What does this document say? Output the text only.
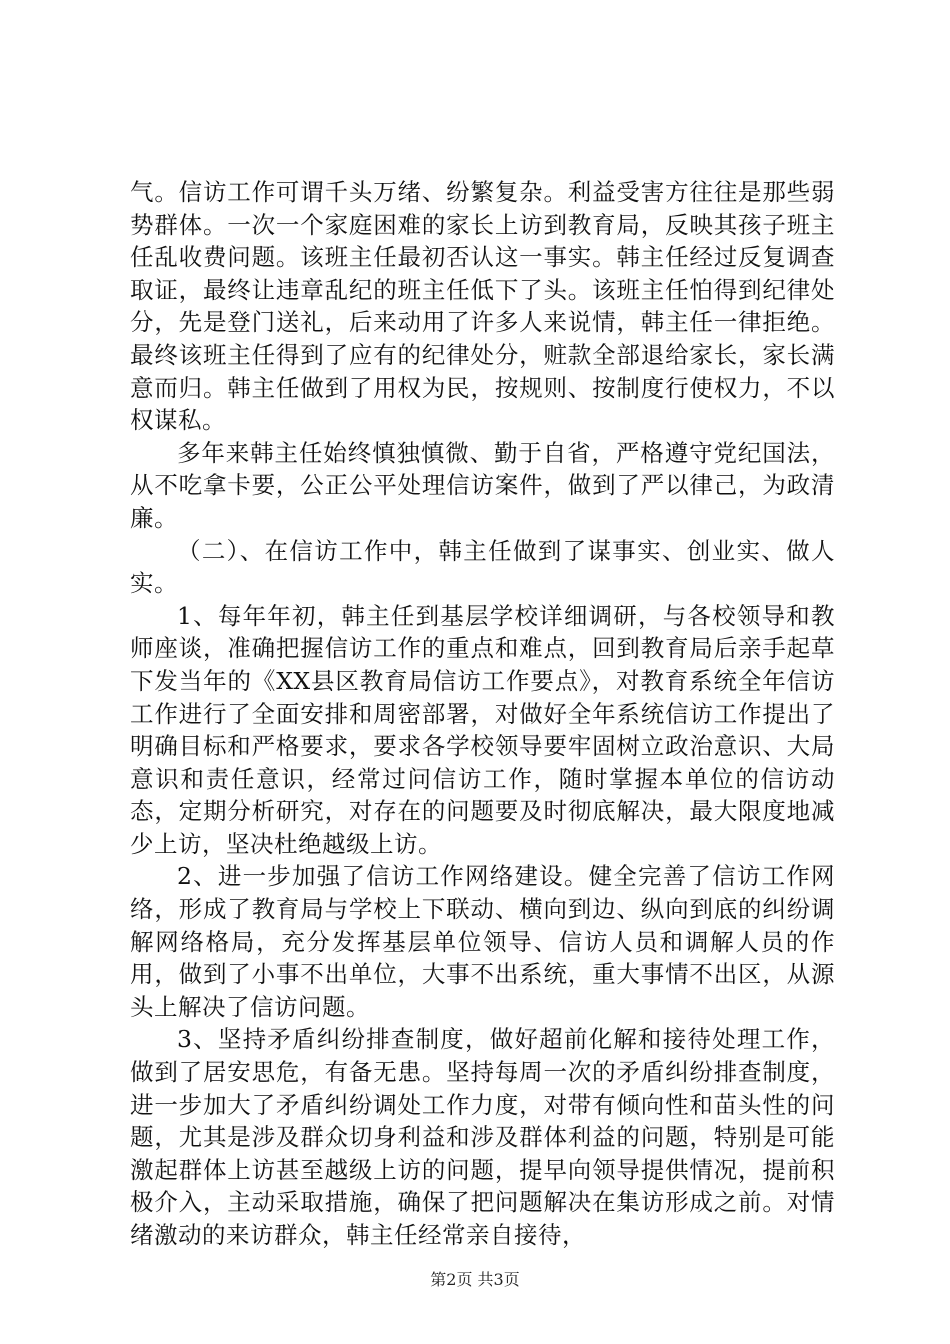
气。信访工作可谓千头万绪、纷繁复杂。利益受害方往往是那些弱势群体。一次一个家庭困难的家长上访到教育局，反映其孩子班主任乱收费问题。该班主任最初否认这一事实。韩主任经过反复调查取证，最终让违章乱纪的班主任低下了头。该班主任怕得到纪律处分，先是登门送礼，后来动用了许多人来说情，韩主任一律拒绝。最终该班主任得到了应有的纪律处分，赃款全部退给家长，家长满意而归。韩主任做到了用权为民，按规则、按制度行使权力，不以权谋私。

多年来韩主任始终慎独慎微、勤于自省，严格遵守党纪国法，从不吃拿卡要，公正公平处理信访案件，做到了严以律己，为政清廉。

（二）、在信访工作中，韩主任做到了谋事实、创业实、做人实。

1、每年年初，韩主任到基层学校详细调研，与各校领导和教师座谈，准确把握信访工作的重点和难点，回到教育局后亲手起草下发当年的《XX县区教育局信访工作要点》，对教育系统全年信访工作进行了全面安排和周密部署，对做好全年系统信访工作提出了明确目标和严格要求，要求各学校领导要牢固树立政治意识、大局意识和责任意识，经常过问信访工作，随时掌握本单位的信访动态，定期分析研究，对存在的问题要及时彻底解决，最大限度地减少上访，坚决杜绝越级上访。

2、进一步加强了信访工作网络建设。健全完善了信访工作网络，形成了教育局与学校上下联动、横向到边、纵向到底的纠纷调解网络格局，充分发挥基层单位领导、信访人员和调解人员的作用，做到了小事不出单位，大事不出系统，重大事情不出区，从源头上解决了信访问题。

3、坚持矛盾纠纷排查制度，做好超前化解和接待处理工作，做到了居安思危，有备无患。坚持每周一次的矛盾纠纷排查制度，进一步加大了矛盾纠纷调处工作力度，对带有倾向性和苗头性的问题，尤其是涉及群众切身利益和涉及群体利益的问题，特别是可能激起群体上访甚至越级上访的问题，提早向领导提供情况，提前积极介入，主动采取措施，确保了把问题解决在集访形成之前。对情绪激动的来访群众，韩主任经常亲自接待，

第2页 共3页
